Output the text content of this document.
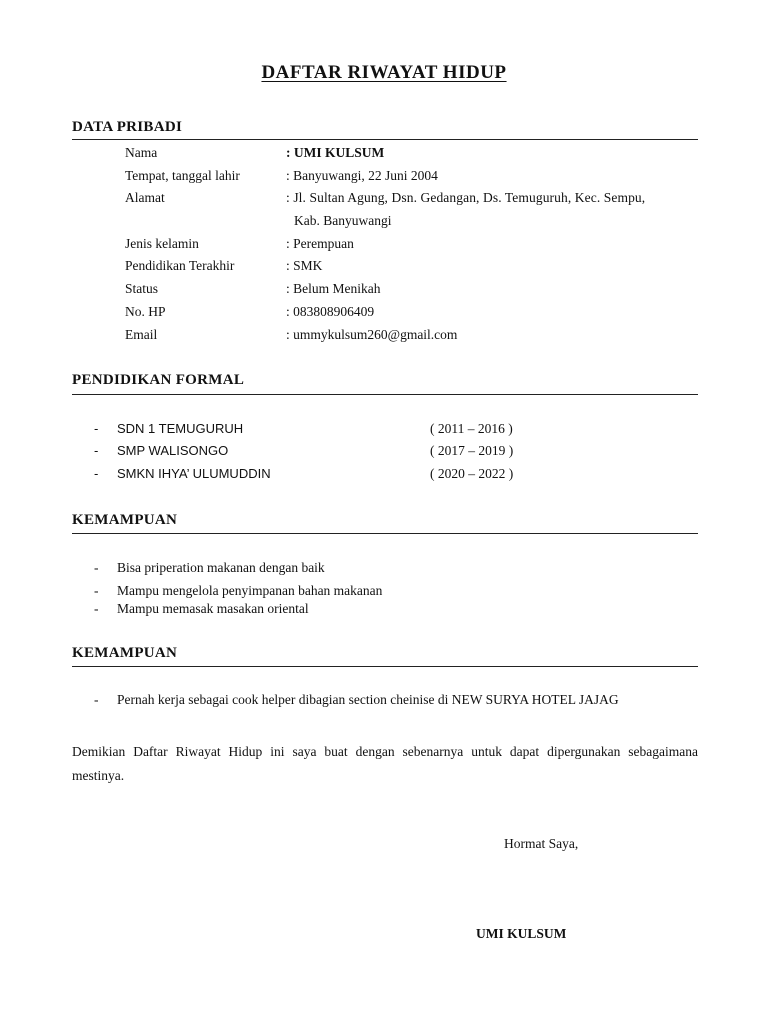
DAFTAR RIWAYAT HIDUP
DATA PRIBADI
Nama	: UMI KULSUM
Tempat, tanggal lahir	: Banyuwangi, 22 Juni 2004
Alamat	: Jl. Sultan Agung, Dsn. Gedangan, Ds. Temuguruh, Kec. Sempu,
Kab. Banyuwangi
Jenis kelamin	: Perempuan
Pendidikan Terakhir	: SMK
Status	: Belum Menikah
No. HP	: 083808906409
Email	: ummykulsum260@gmail.com
PENDIDIKAN FORMAL
- SDN 1 TEMUGURUH	( 2011 – 2016 )
- SMP WALISONGO	( 2017 – 2019 )
- SMKN IHYA’ ULUMUDDIN	( 2020 – 2022 )
KEMAMPUAN
- Bisa priperation makanan dengan baik
- Mampu mengelola penyimpanan bahan makanan
- Mampu memasak masakan oriental
KEMAMPUAN
- Pernah kerja sebagai cook helper dibagian section cheinise di NEW SURYA HOTEL JAJAG
Demikian Daftar Riwayat Hidup ini saya buat dengan sebenarnya untuk dapat dipergunakan sebagaimana mestinya.
Hormat Saya,
UMI KULSUM
